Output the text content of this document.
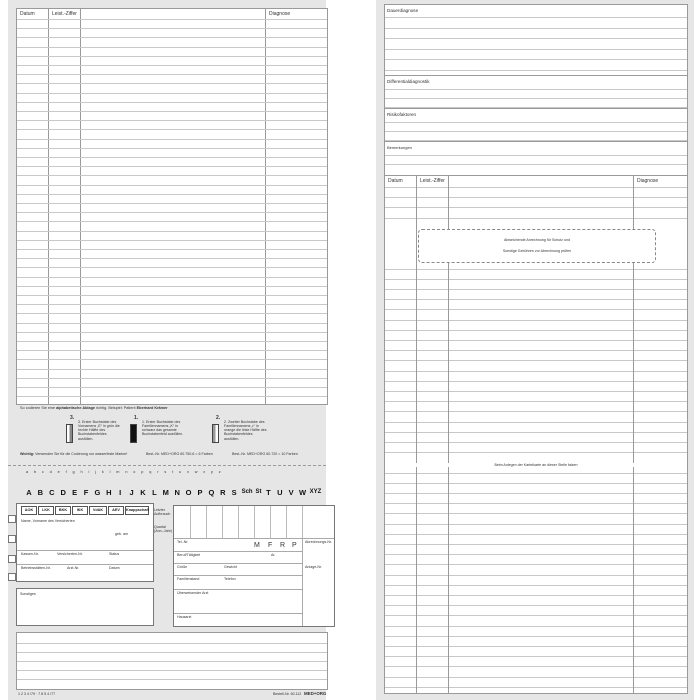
Datum	Leist.-Ziffer	Diagnose
So codieren Sie eine alphabetische Ablage richtig. Beispiel: Patient Eberhard Krämer
3.
3. Erster Buchstabe des Vornamens „E“ in grün die rechte Hälfte des Buchstabenfeldes ausfüllen.
1.
1. Erster Buchstabe des Familiennamens „K“ in schwarz das gesamte Buchstabenfeld ausfüllen.
2.
2. Zweiter Buchstabe des Familiennamens „r“ in orange die linke Hälfte des Buchstabenfeldes ausfüllen.
Wichtig: Verwenden Sie für die Codierung nur wasserfeste Marker!	Best.-Nr. MED+ORG 60.750-6 = 6 Farben	Best.-Nr. MED+ORG 60.720 = 10 Farben
a b c d e f g h i j k l m n o p q r s t u v w x y z
A B C D E F G H	I	J K L M N O P Q R S Sch St T U V W XYZ
AOK	LKK	BKK	IKK	VdAK	AEV	Knappschaft
Name, Vorname des Versicherten
geb. am
Kassen-Nr.	Versicherten-Nr.	Status
Betriebsstätten-Nr.	Arzt-Nr.	Datum
Sonstiges
Letzter Aufbrauch
Quartal (Ann.-Jahr)
Tel.-Nr.	M F R P Abrechnungs-Nr.
Beruf/Tätigkeit	Ar.
Größe	Gewicht	Anlage-Nr.
Familienstand	Telefon
Überweisender Arzt
Hausarzt
1 2 3 4 /79 · 7 8 5 4 /77	Bestell-Nr. 60.112 MED+ORG
Dauerdiagnose
Differentialdiagnostik
Risikofaktoren
Bemerkungen
Datum	Leist.-Ziffer	Diagnose
Abweichende Anrechnung für Schutz und
Sonstige Gebühren vor Abrechnung prüfen
Beim Anlegen der Karteikarte an dieser Stelle falzen
